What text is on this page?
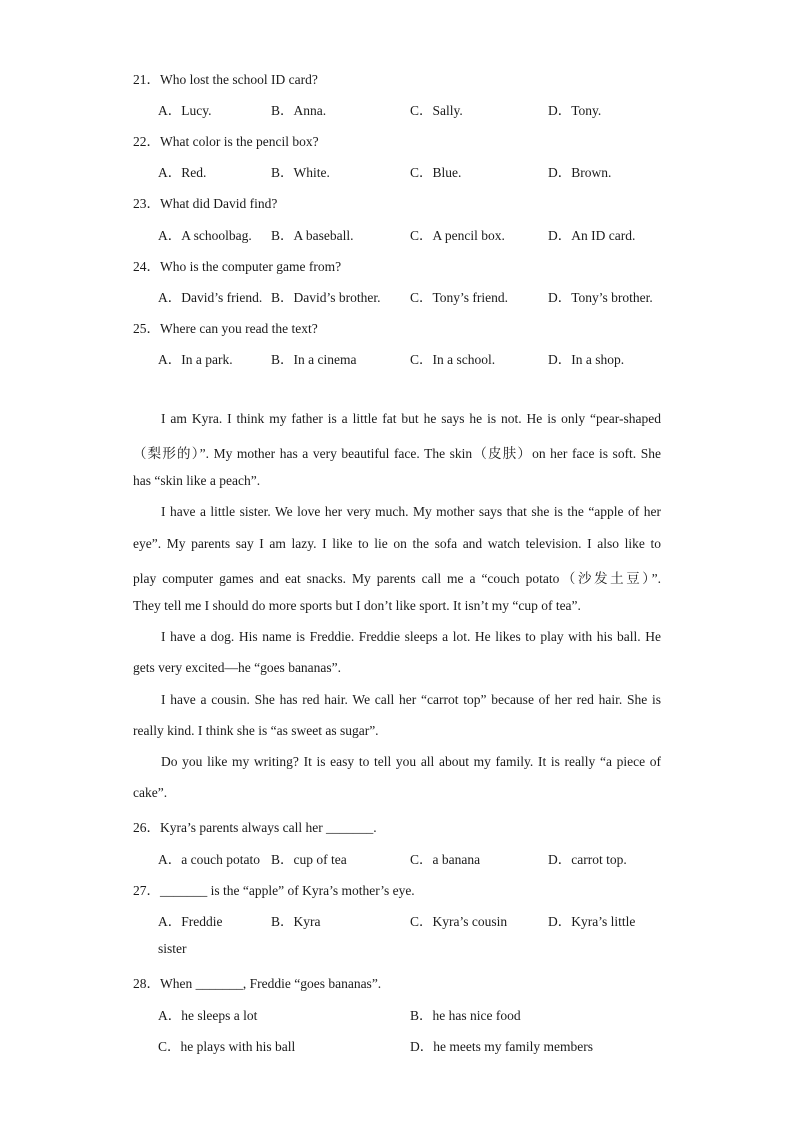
21．Who lost the school ID card?
A．Lucy.	B．Anna.	C．Sally.	D．Tony.
22．What color is the pencil box?
A．Red.	B．White.	C．Blue.	D．Brown.
23．What did David find?
A．A schoolbag. B．A baseball.	C．A pencil box.	D．An ID card.
24．Who is the computer game from?
A．David’s friend. B．David’s brother. C．Tony’s friend.	D．Tony’s brother.
25．Where can you read the text?
A．In a park.	B．In a cinema	C．In a school.	D．In a shop.
I am Kyra. I think my father is a little fat but he says he is not. He is only “pear-shaped
（梨形的）”. My mother has a very beautiful face. The skin（皮肤）on her face is soft. She
has “skin like a peach”.
I have a little sister. We love her very much. My mother says that she is the “apple of her
eye”. My parents say I am lazy. I like to lie on the sofa and watch television. I also like to
play computer games and eat snacks. My parents call me a “couch potato（沙发土豆）”.
They tell me I should do more sports but I don’t like sport. It isn’t my “cup of tea”.
I have a dog. His name is Freddie. Freddie sleeps a lot. He likes to play with his ball. He
gets very excited—he “goes bananas”.
I have a cousin. She has red hair. We call her “carrot top” because of her red hair. She is
really kind. I think she is “as sweet as sugar”.
Do you like my writing? It is easy to tell you all about my family. It is really “a piece of
cake”.
26．Kyra’s parents always call her _______.
A．a couch potato B．cup of tea	C．a banana	D．carrot top.
27．_______ is the “apple” of Kyra’s mother’s eye.
A．Freddie	B．Kyra	C．Kyra’s cousin	D．Kyra’s little
sister
28．When _______, Freddie “goes bananas”.
A．he sleeps a lot	B．he has nice food
C．he plays with his ball	D．he meets my family members
